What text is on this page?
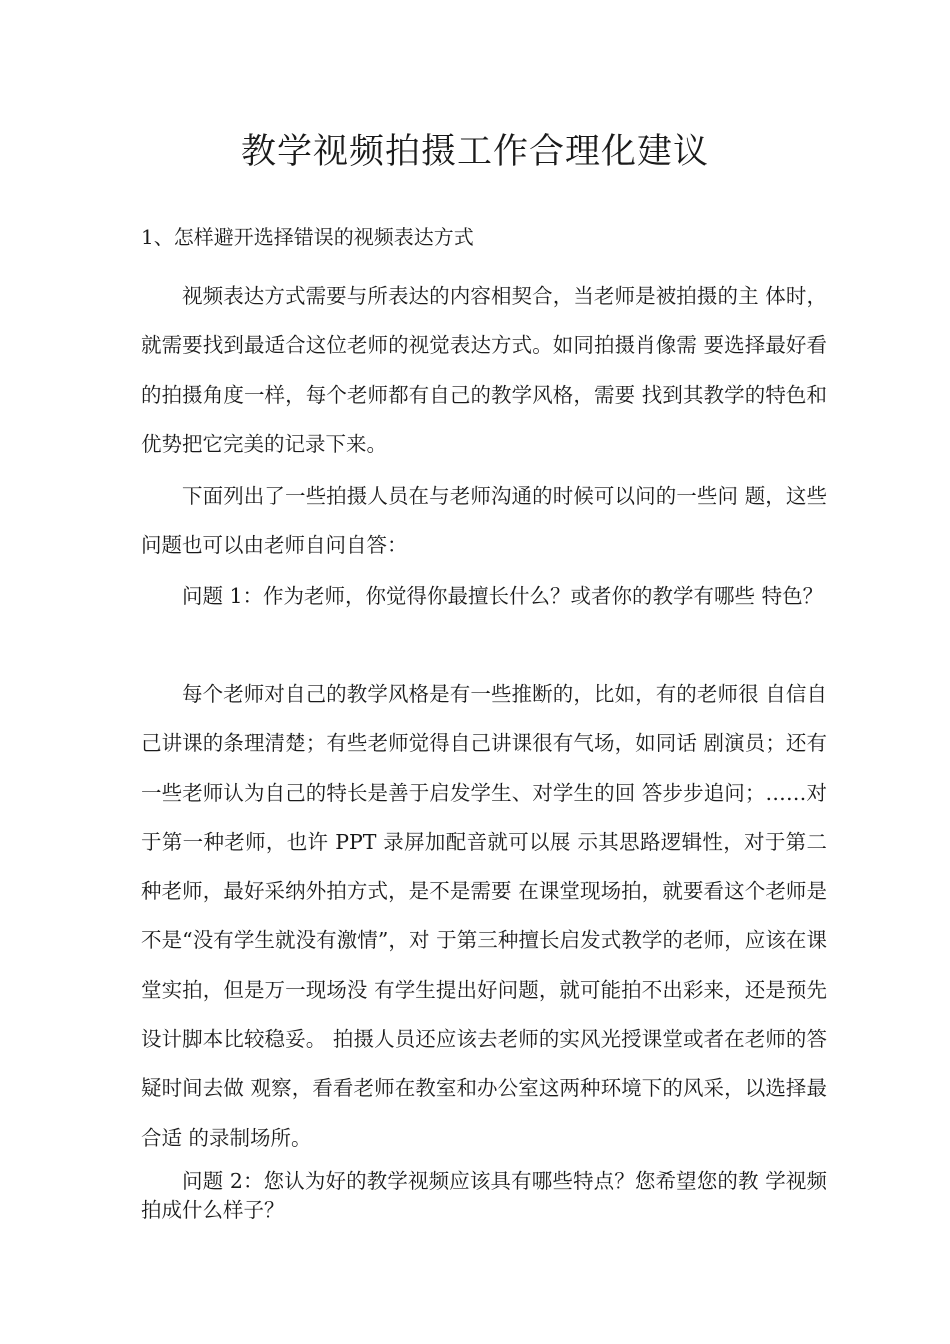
教学视频拍摄工作合理化建议
1、怎样避开选择错误的视频表达方式

视频表达方式需要与所表达的内容相契合，当老师是被拍摄的主 体时，就需要找到最适合这位老师的视觉表达方式。如同拍摄肖像需 要选择最好看的拍摄角度一样，每个老师都有自己的教学风格，需要 找到其教学的特色和优势把它完美的记录下来。

下面列出了一些拍摄人员在与老师沟通的时候可以问的一些问 题，这些问题也可以由老师自问自答：

问题 1：作为老师，你觉得你最擅长什么？或者你的教学有哪些 特色？

每个老师对自己的教学风格是有一些推断的，比如，有的老师很 自信自己讲课的条理清楚；有些老师觉得自己讲课很有气场，如同话 剧演员；还有一些老师认为自己的特长是善于启发学生、对学生的回 答步步追问；……对于第一种老师，也许 PPT 录屏加配音就可以展 示其思路逻辑性，对于第二种老师，最好采纳外拍方式，是不是需要 在课堂现场拍，就要看这个老师是不是“没有学生就没有激情”，对 于第三种擅长启发式教学的老师，应该在课堂实拍，但是万一现场没 有学生提出好问题，就可能拍不出彩来，还是预先设计脚本比较稳妥。 拍摄人员还应该去老师的实风光授课堂或者在老师的答疑时间去做 观察，看看老师在教室和办公室这两种环境下的风采，以选择最合适 的录制场所。

问题 2：您认为好的教学视频应该具有哪些特点？您希望您的教 学视频拍成什么样子？
